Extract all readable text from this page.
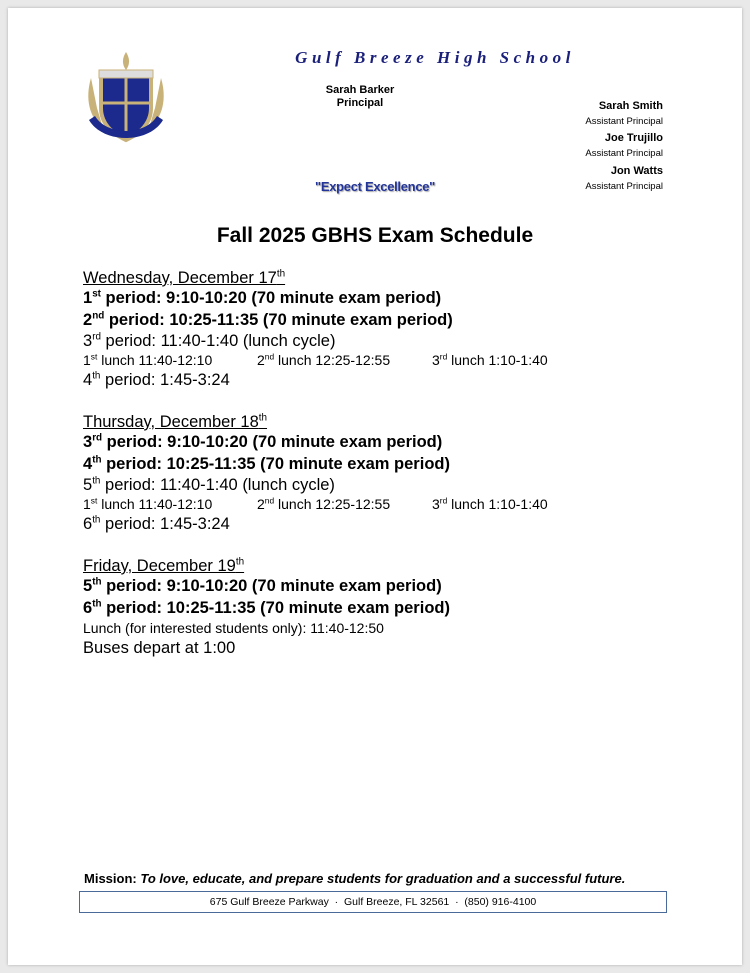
Gulf Breeze High School
Sarah Barker
Principal	Sarah Smith
Assistant Principal
Joe Trujillo
Assistant Principal
Jon Watts
Assistant Principal
"Expect Excellence"
Fall 2025 GBHS Exam Schedule
Wednesday, December 17th
1st period: 9:10-10:20 (70 minute exam period)
2nd period: 10:25-11:35 (70 minute exam period)
3rd period: 11:40-1:40 (lunch cycle)
1st lunch 11:40-12:10	2nd lunch 12:25-12:55	3rd lunch 1:10-1:40
4th period: 1:45-3:24
Thursday, December 18th
3rd period: 9:10-10:20 (70 minute exam period)
4th period: 10:25-11:35 (70 minute exam period)
5th period: 11:40-1:40 (lunch cycle)
1st lunch 11:40-12:10	2nd lunch 12:25-12:55	3rd lunch 1:10-1:40
6th period: 1:45-3:24
Friday, December 19th
5th period: 9:10-10:20 (70 minute exam period)
6th period: 10:25-11:35 (70 minute exam period)
Lunch (for interested students only): 11:40-12:50
Buses depart at 1:00
Mission: To love, educate, and prepare students for graduation and a successful future.
675 Gulf Breeze Parkway  ·  Gulf Breeze, FL 32561  ·  (850) 916-4100
